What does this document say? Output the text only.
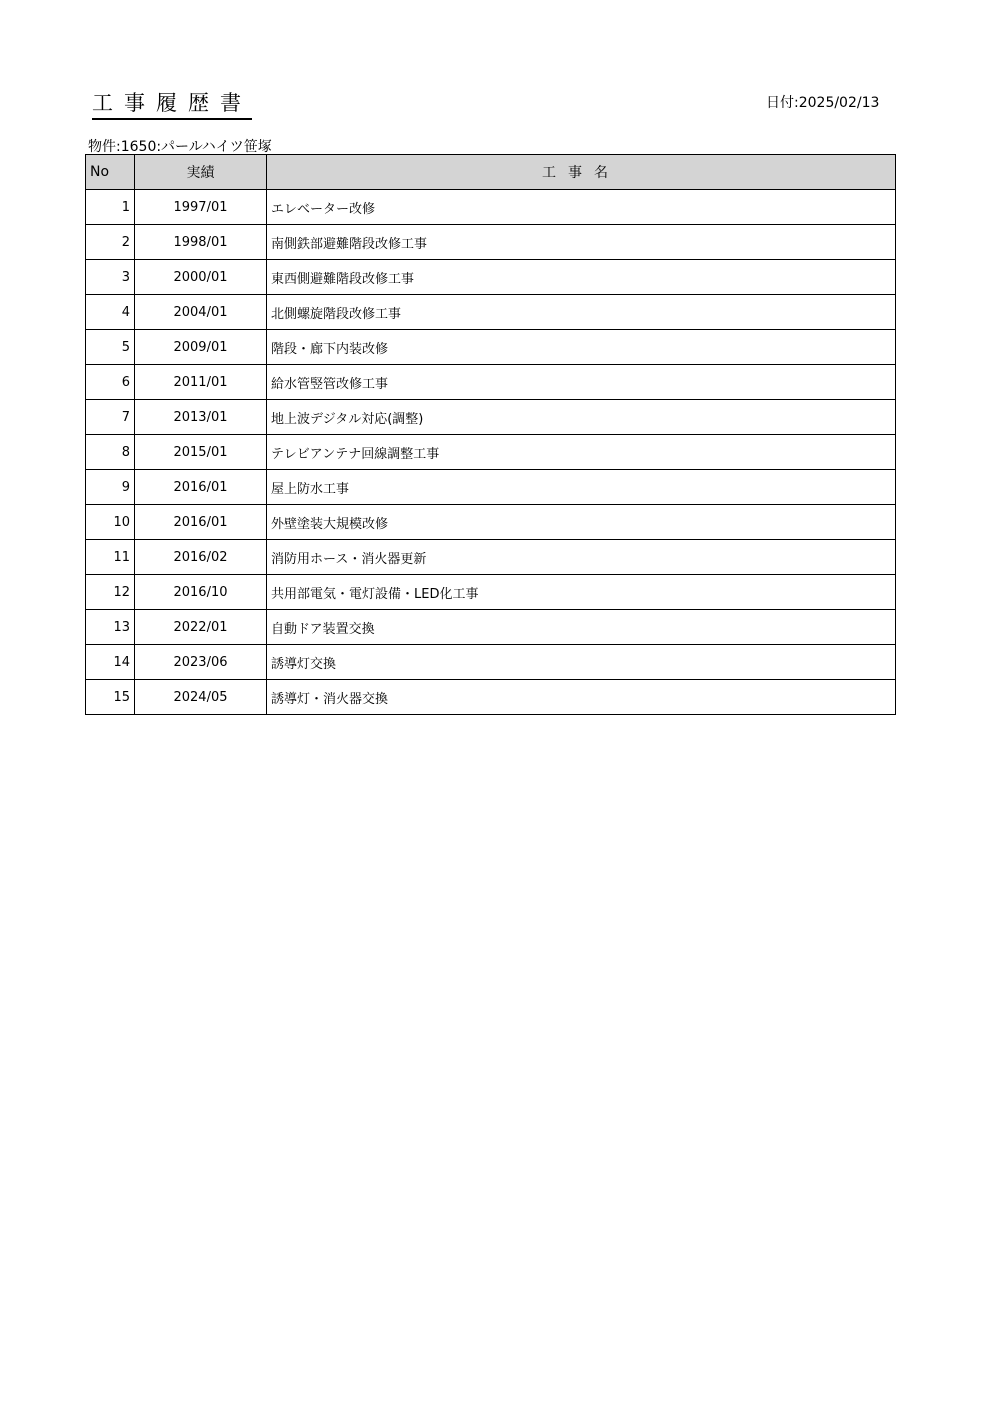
工事履歴書	日付:2025/02/13
物件:1650:パールハイツ笹塚
No	実績	工事名
1	1997/01	エレベーター改修
2	1998/01	南側鉄部避難階段改修工事
3	2000/01	東西側避難階段改修工事
4	2004/01	北側螺旋階段改修工事
5	2009/01	階段・廊下内装改修
6	2011/01	給水管竪管改修工事
7	2013/01	地上波デジタル対応(調整)
8	2015/01	テレビアンテナ回線調整工事
9	2016/01	屋上防水工事
10	2016/01	外壁塗装大規模改修
11	2016/02	消防用ホース・消火器更新
12	2016/10	共用部電気・電灯設備・LED化工事
13	2022/01	自動ドア装置交換
14	2023/06	誘導灯交換
15	2024/05	誘導灯・消火器交換
